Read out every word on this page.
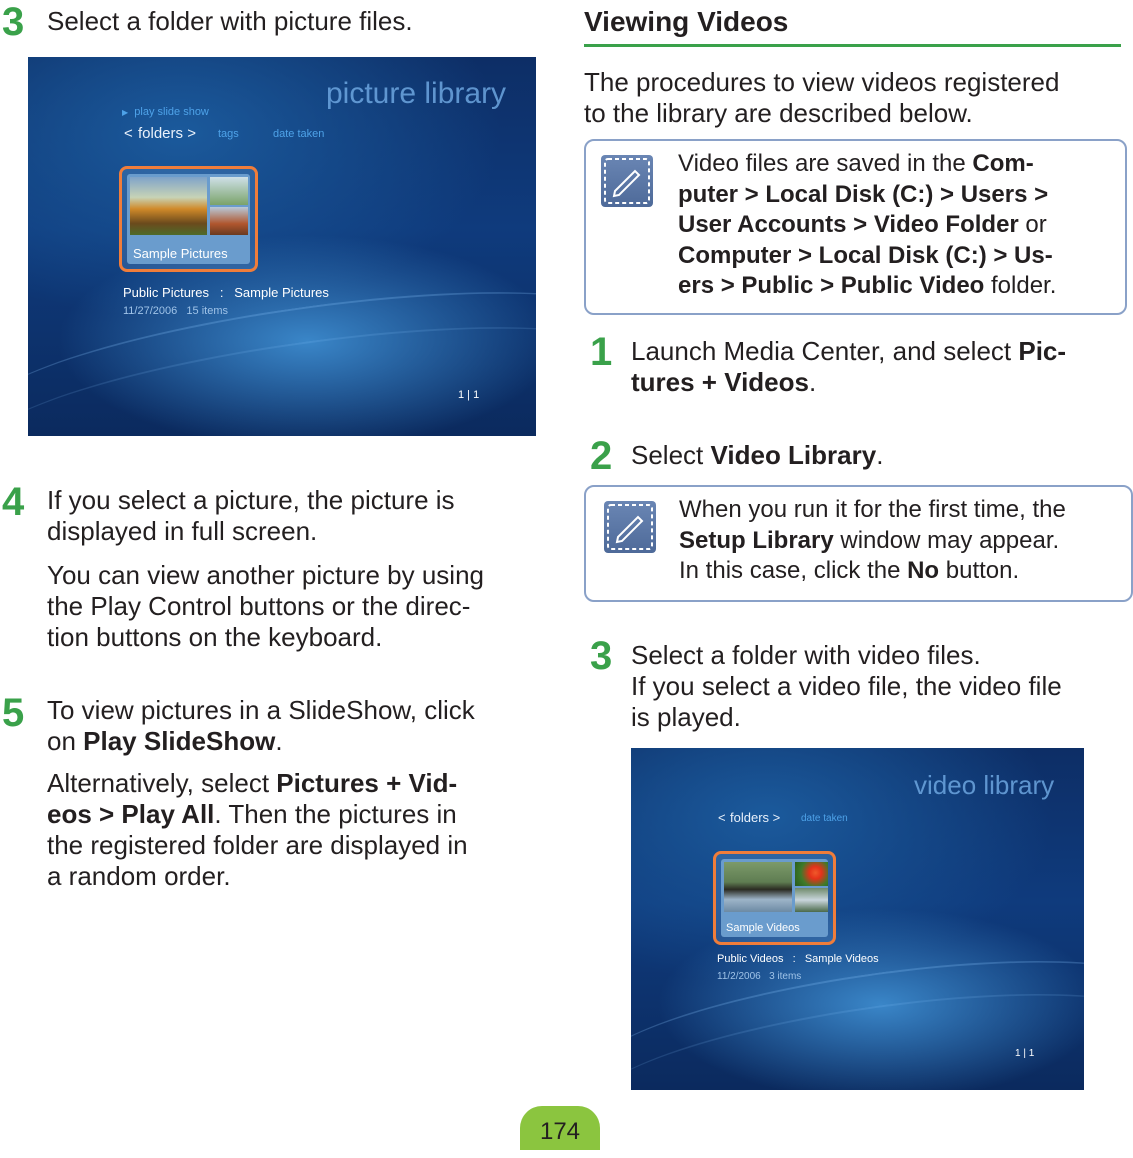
3 Select a folder with picture files.
picture library
▶ play slide show
< folders > tags	date taken
Sample Pictures
Public Pictures   :   Sample Pictures
11/27/2006   15 items
1 | 1
4 If you select a picture, the picture is
displayed in full screen.
You can view another picture by using
the Play Control buttons or the direc-
tion buttons on the keyboard.
5 To view pictures in a SlideShow, click
on Play SlideShow.
Alternatively, select Pictures + Vid-
eos > Play All. Then the pictures in
the registered folder are displayed in
a random order.
Viewing Videos
The procedures to view videos registered
to the library are described below.
Video files are saved in the Com-
puter > Local Disk (C:) > Users >
User Accounts > Video Folder or
Computer > Local Disk (C:) > Us-
ers > Public > Public Video folder.
1 Launch Media Center, and select Pic-
tures + Videos.
2 Select Video Library.
When you run it for the first time, the
Setup Library window may appear.
In this case, click the No button.
3 Select a folder with video files.
If you select a video file, the video file
is played.
video library
< folders > date taken
Sample Videos
Public Videos   :   Sample Videos
11/2/2006   3 items
1 | 1
174
